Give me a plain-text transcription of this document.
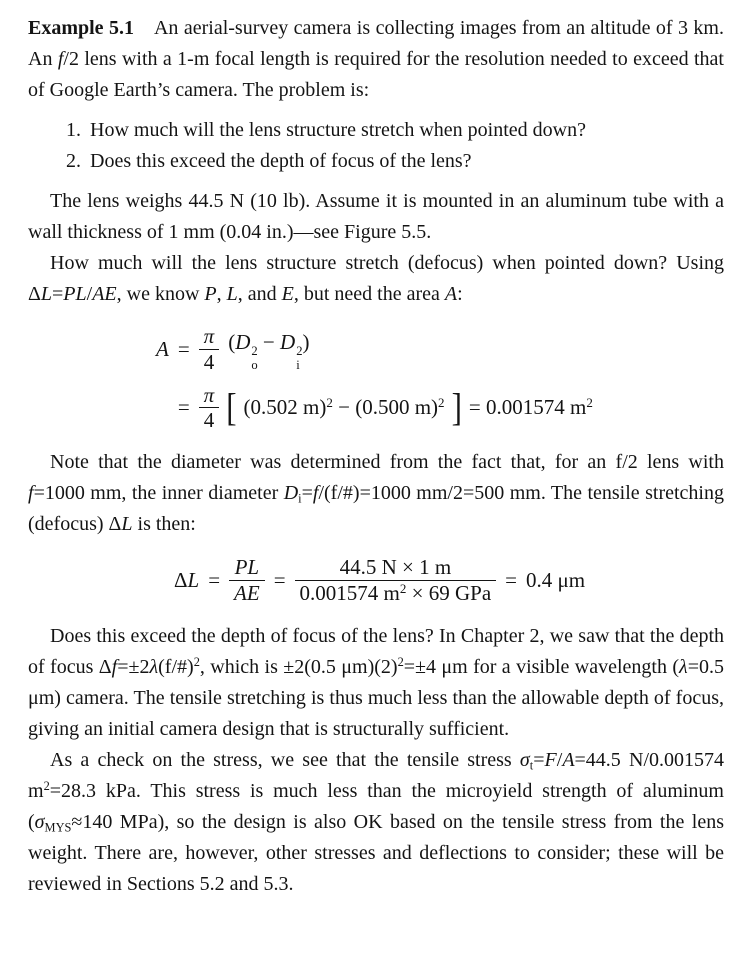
Example 5.1 An aerial-survey camera is collecting images from an altitude of 3 km. An f/2 lens with a 1-m focal length is required for the resolution needed to exceed that of Google Earth’s camera. The problem is:

1. How much will the lens structure stretch when pointed down?
2. Does this exceed the depth of focus of the lens?

The lens weighs 44.5 N (10 lb). Assume it is mounted in an aluminum tube with a wall thickness of 1 mm (0.04 in.)—see Figure 5.5.

How much will the lens structure stretch (defocus) when pointed down? Using ΔL=PL/AE, we know P, L, and E, but need the area A:

$A = \frac{\pi}{4} (D$ 2
o
− D 2
i
)
= $\frac{\pi}{4}$ [ (0.502 m)$^2$ − (0.500 m)$^2$ ] = 0.001574 $m^2$

Note that the diameter was determined from the fact that, for an f/2 lens with f=1000 mm, the inner diameter $D_i=f/(f/\#)=1000$ mm/2=500 mm. The tensile stretching (defocus) ΔL is then:

$\Delta L = \frac{PL}{AE} = \frac{44.5 N \times 1 m}{0.001574 m^2 \times 69 GPa} = 0.4$ μm

Does this exceed the depth of focus of the lens? In Chapter 2, we saw that the depth of focus Δf=±2λ(f/#)$^2$, which is ±2(0.5 $\mu m)(2)^2=\pm 4$ μm for a visible wavelength (λ=0.5 μm) camera. The tensile stretching is thus much less than the allowable depth of focus, giving an initial camera design that is structurally sufficient.

As a check on the stress, we see that the tensile stress $\sigma_t=F/A=44.5$ N/0.001574 $m^2=28.3$ kPa. This stress is much less than the microyield strength of aluminum ($\sigma_{MYS}\approx 140$ MPa), so the design is also OK based on the tensile stress from the lens weight. There are, however, other stresses and deflections to consider; these will be reviewed in Sections 5.2 and 5.3.
